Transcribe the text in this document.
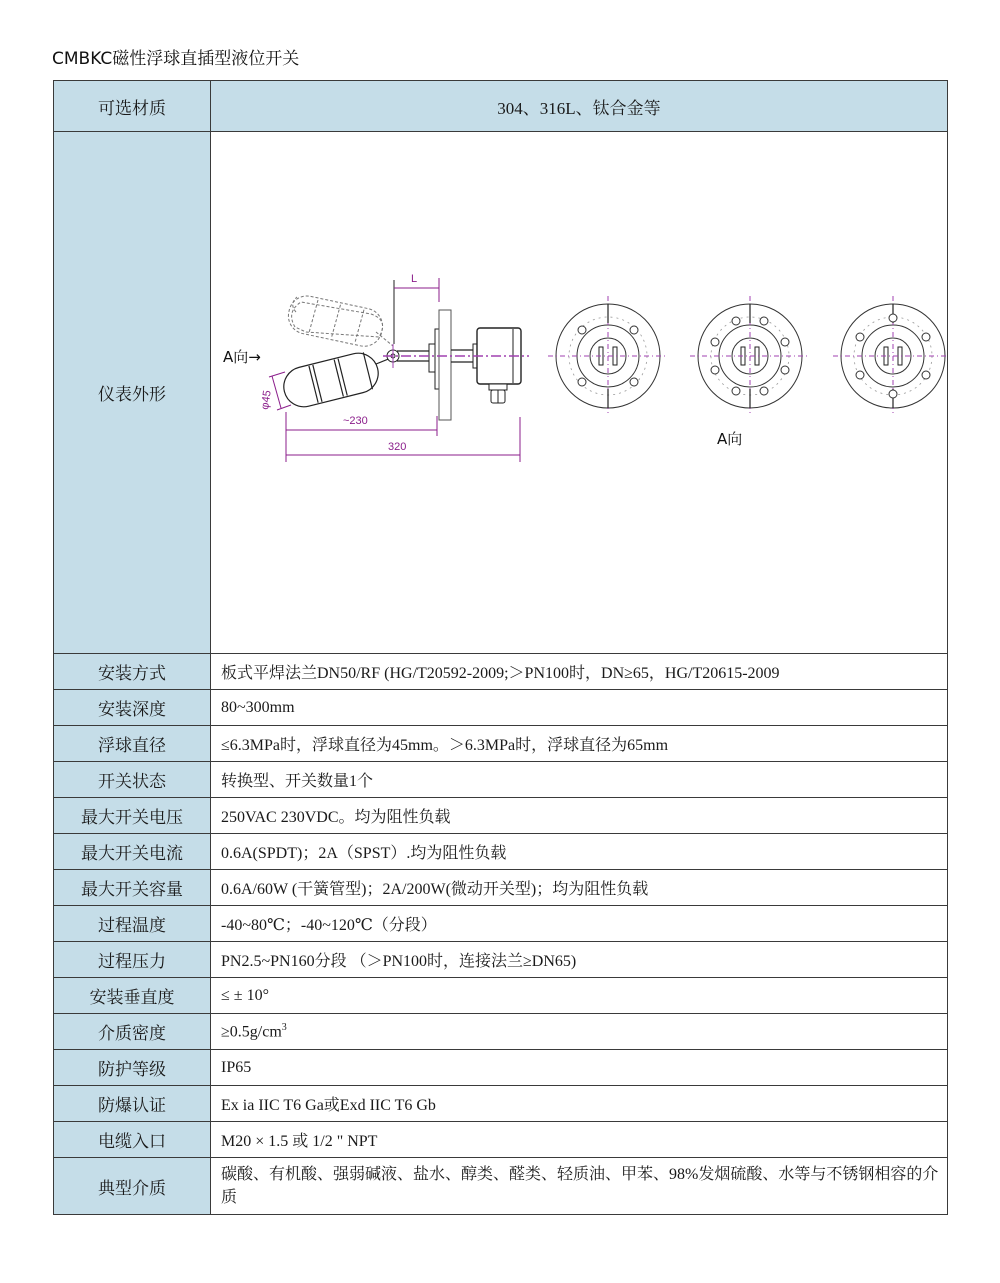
CMBKC磁性浮球直插型液位开关
可选材质	304、316L、钛合金等
仪表外形	
L
φ45
~230
320
A向→
A向

安装方式	板式平焊法兰DN50/RF (HG/T20592-2009;＞PN100时，DN≥65，HG/T20615-2009
安装深度	80~300mm
浮球直径	≤6.3MPa时，浮球直径为45mm。＞6.3MPa时，浮球直径为65mm
开关状态	转换型、开关数量1个
最大开关电压	250VAC 230VDC。均为阻性负载
最大开关电流	0.6A(SPDT)；2A（SPST）.均为阻性负载
最大开关容量	0.6A/60W (干簧管型)；2A/200W(微动开关型)；均为阻性负载
过程温度	-40~80℃；-40~120℃（分段）
过程压力	PN2.5~PN160分段 （＞PN100时，连接法兰≥DN65)
安装垂直度	≤ ± 10°
介质密度	$\ge 0.5g/cm^3$
防护等级	IP65
防爆认证	Ex ia IIC T6 Ga或Exd IIC T6 Gb
电缆入口	M20 × 1.5 或 1/2 " NPT
典型介质	碳酸、有机酸、强弱碱液、盐水、醇类、醛类、轻质油、甲苯、98%发烟硫酸、水等与不锈钢相容的介质
